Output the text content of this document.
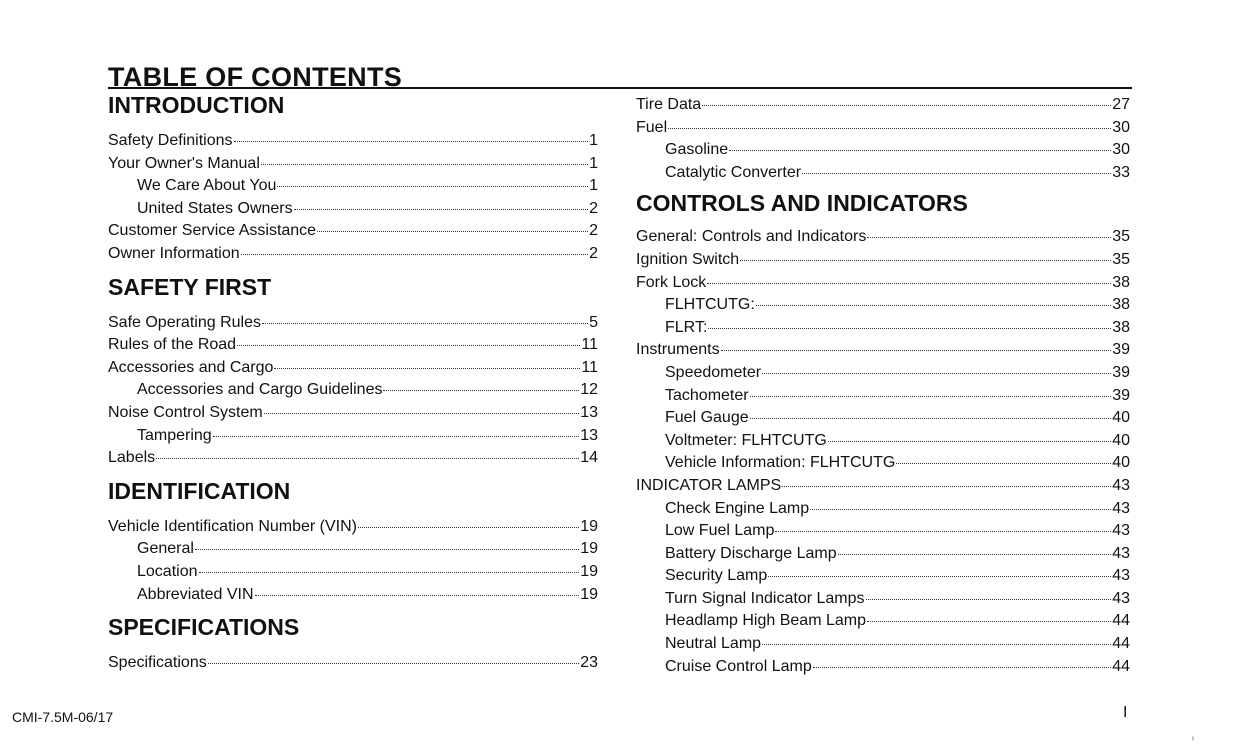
TABLE OF CONTENTS
INTRODUCTION
Safety Definitions	1
Your Owner's Manual	1
We Care About You	1
United States Owners	2
Customer Service Assistance	2
Owner Information	2
SAFETY FIRST
Safe Operating Rules	5
Rules of the Road	11
Accessories and Cargo	11
Accessories and Cargo Guidelines	12
Noise Control System	13
Tampering	13
Labels	14
IDENTIFICATION
Vehicle Identification Number (VIN)	19
General	19
Location	19
Abbreviated VIN	19
SPECIFICATIONS
Specifications	23
Tire Data	27
Fuel	30
Gasoline	30
Catalytic Converter	33
CONTROLS AND INDICATORS
General: Controls and Indicators	35
Ignition Switch	35
Fork Lock	38
FLHTCUTG:	38
FLRT:	38
Instruments	39
Speedometer	39
Tachometer	39
Fuel Gauge	40
Voltmeter: FLHTCUTG	40
Vehicle Information: FLHTCUTG	40
INDICATOR LAMPS	43
Check Engine Lamp	43
Low Fuel Lamp	43
Battery Discharge Lamp	43
Security Lamp	43
Turn Signal Indicator Lamps	43
Headlamp High Beam Lamp	44
Neutral Lamp	44
Cruise Control Lamp	44
CMI-7.5M-06/17	I
ⁱ
